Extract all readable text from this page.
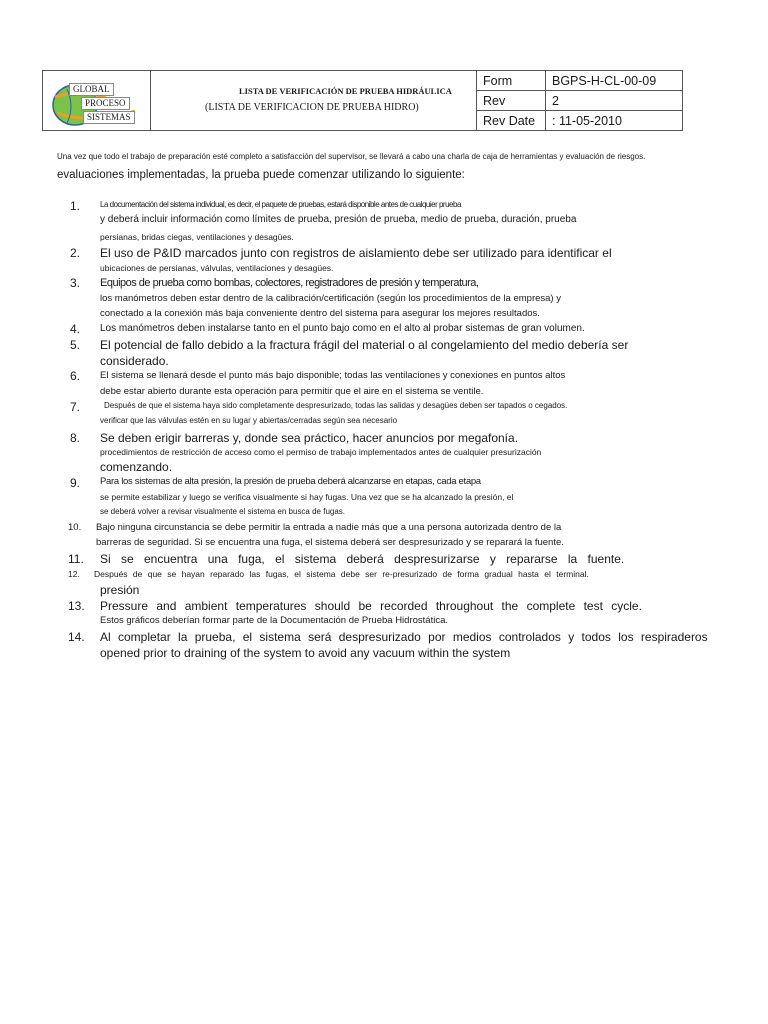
GLOBAL
PROCESO
SISTEMAS
LISTA DE VERIFICACIÓN DE PRUEBA HIDRÁULICA
(LISTA DE VERIFICACION DE PRUEBA HIDRO)
Form	BGPS-H-CL-00-09
Rev	2
Rev Date	: 11-05-2010
Una vez que todo el trabajo de preparación esté completo a satisfacción del supervisor, se llevará a cabo una charla de caja de herramientas y evaluación de riesgos.
evaluaciones implementadas, la prueba puede comenzar utilizando lo siguiente:
1. La documentación del sistema individual, es decir, el paquete de pruebas, estará disponible antes de cualquier prueba
y deberá incluir información como límites de prueba, presión de prueba, medio de prueba, duración, prueba
persianas, bridas ciegas, ventilaciones y desagües.
2. El uso de P&ID marcados junto con registros de aislamiento debe ser utilizado para identificar el
ubicaciones de persianas, válvulas, ventilaciones y desagües.
3. Equipos de prueba como bombas, colectores, registradores de presión y temperatura,
los manómetros deben estar dentro de la calibración/certificación (según los procedimientos de la empresa) y
conectado a la conexión más baja conveniente dentro del sistema para asegurar los mejores resultados.
4. Los manómetros deben instalarse tanto en el punto bajo como en el alto al probar sistemas de gran volumen.
5. El potencial de fallo debido a la fractura frágil del material o al congelamiento del medio debería ser
considerado.
6. El sistema se llenará desde el punto más bajo disponible; todas las ventilaciones y conexiones en puntos altos
debe estar abierto durante esta operación para permitir que el aire en el sistema se ventile.
7.	Después de que el sistema haya sido completamente despresurizado, todas las salidas y desagües deben ser tapados o cegados.
verificar que las válvulas estén en su lugar y abiertas/cerradas según sea necesario
8. Se deben erigir barreras y, donde sea práctico, hacer anuncios por megafonía.
procedimientos de restricción de acceso como el permiso de trabajo implementados antes de cualquier presurización
comenzando.
9. Para los sistemas de alta presión, la presión de prueba deberá alcanzarse en etapas, cada etapa
se permite estabilizar y luego se verifica visualmente si hay fugas. Una vez que se ha alcanzado la presión, el
se deberá volver a revisar visualmente el sistema en busca de fugas.
10. Bajo ninguna circunstancia se debe permitir la entrada a nadie más que a una persona autorizada dentro de la
barreras de seguridad. Si se encuentra una fuga, el sistema deberá ser despresurizado y se reparará la fuente.
11. Si se encuentra una fuga, el sistema deberá despresurizarse y repararse la fuente.
12. Después de que se hayan reparado las fugas, el sistema debe ser re-presurizado de forma gradual hasta el terminal.
presión
13. Pressure and ambient temperatures should be recorded throughout the complete test cycle.
Estos gráficos deberían formar parte de la Documentación de Prueba Hidrostática.
14. Al completar la prueba, el sistema será despresurizado por medios controlados y todos los respiraderos
opened prior to draining of the system to avoid any vacuum within the system
